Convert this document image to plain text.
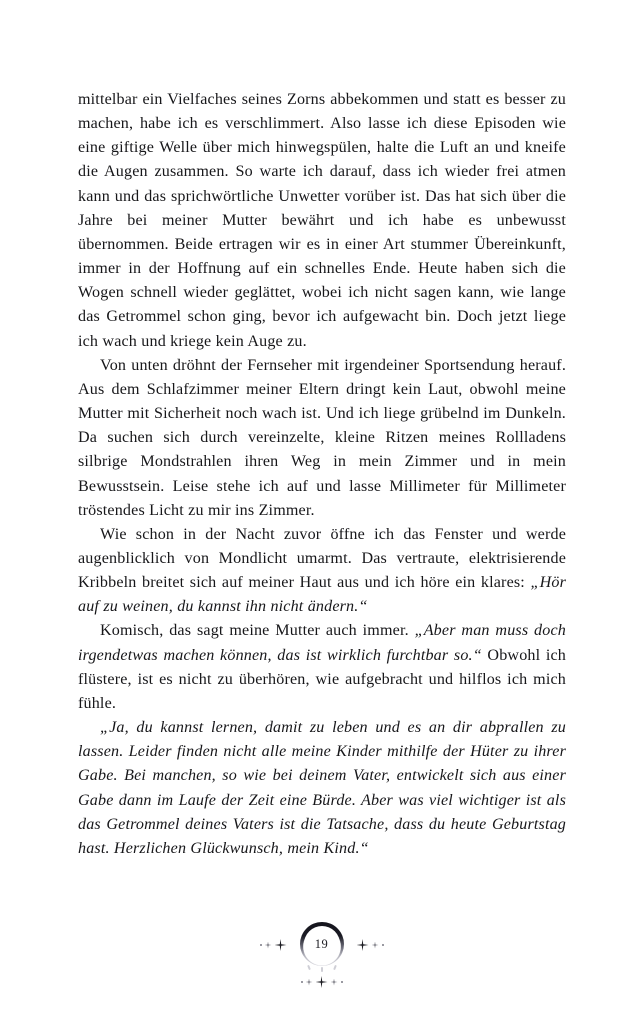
mittelbar ein Vielfaches seines Zorns abbekommen und statt es besser zu machen, habe ich es verschlimmert. Also lasse ich diese Episoden wie eine giftige Welle über mich hinwegspülen, halte die Luft an und kneife die Augen zusammen. So warte ich darauf, dass ich wieder frei atmen kann und das sprichwörtliche Unwetter vorüber ist. Das hat sich über die Jahre bei meiner Mutter bewährt und ich habe es unbewusst übernommen. Beide ertragen wir es in einer Art stummer Übereinkunft, immer in der Hoffnung auf ein schnelles Ende. Heute haben sich die Wogen schnell wieder geglättet, wobei ich nicht sagen kann, wie lange das Getrommel schon ging, bevor ich aufgewacht bin. Doch jetzt liege ich wach und kriege kein Auge zu.

Von unten dröhnt der Fernseher mit irgendeiner Sportsendung herauf. Aus dem Schlafzimmer meiner Eltern dringt kein Laut, obwohl meine Mutter mit Sicherheit noch wach ist. Und ich liege grübelnd im Dunkeln. Da suchen sich durch vereinzelte, kleine Ritzen meines Rollladens silbrige Mondstrahlen ihren Weg in mein Zimmer und in mein Bewusstsein. Leise stehe ich auf und lasse Millimeter für Millimeter tröstendes Licht zu mir ins Zimmer.

Wie schon in der Nacht zuvor öffne ich das Fenster und werde augenblicklich von Mondlicht umarmt. Das vertraute, elektrisierende Kribbeln breitet sich auf meiner Haut aus und ich höre ein klares: „Hör auf zu weinen, du kannst ihn nicht ändern.“

Komisch, das sagt meine Mutter auch immer. „Aber man muss doch irgendetwas machen können, das ist wirklich furchtbar so.“ Obwohl ich flüstere, ist es nicht zu überhören, wie aufgebracht und hilflos ich mich fühle.

„Ja, du kannst lernen, damit zu leben und es an dir abprallen zu lassen. Leider finden nicht alle meine Kinder mithilfe der Hüter zu ihrer Gabe. Bei manchen, so wie bei deinem Vater, entwickelt sich aus einer Gabe dann im Laufe der Zeit eine Bürde. Aber was viel wichtiger ist als das Getrommel deines Vaters ist die Tatsache, dass du heute Geburtstag hast. Herzlichen Glückwunsch, mein Kind.“

19
